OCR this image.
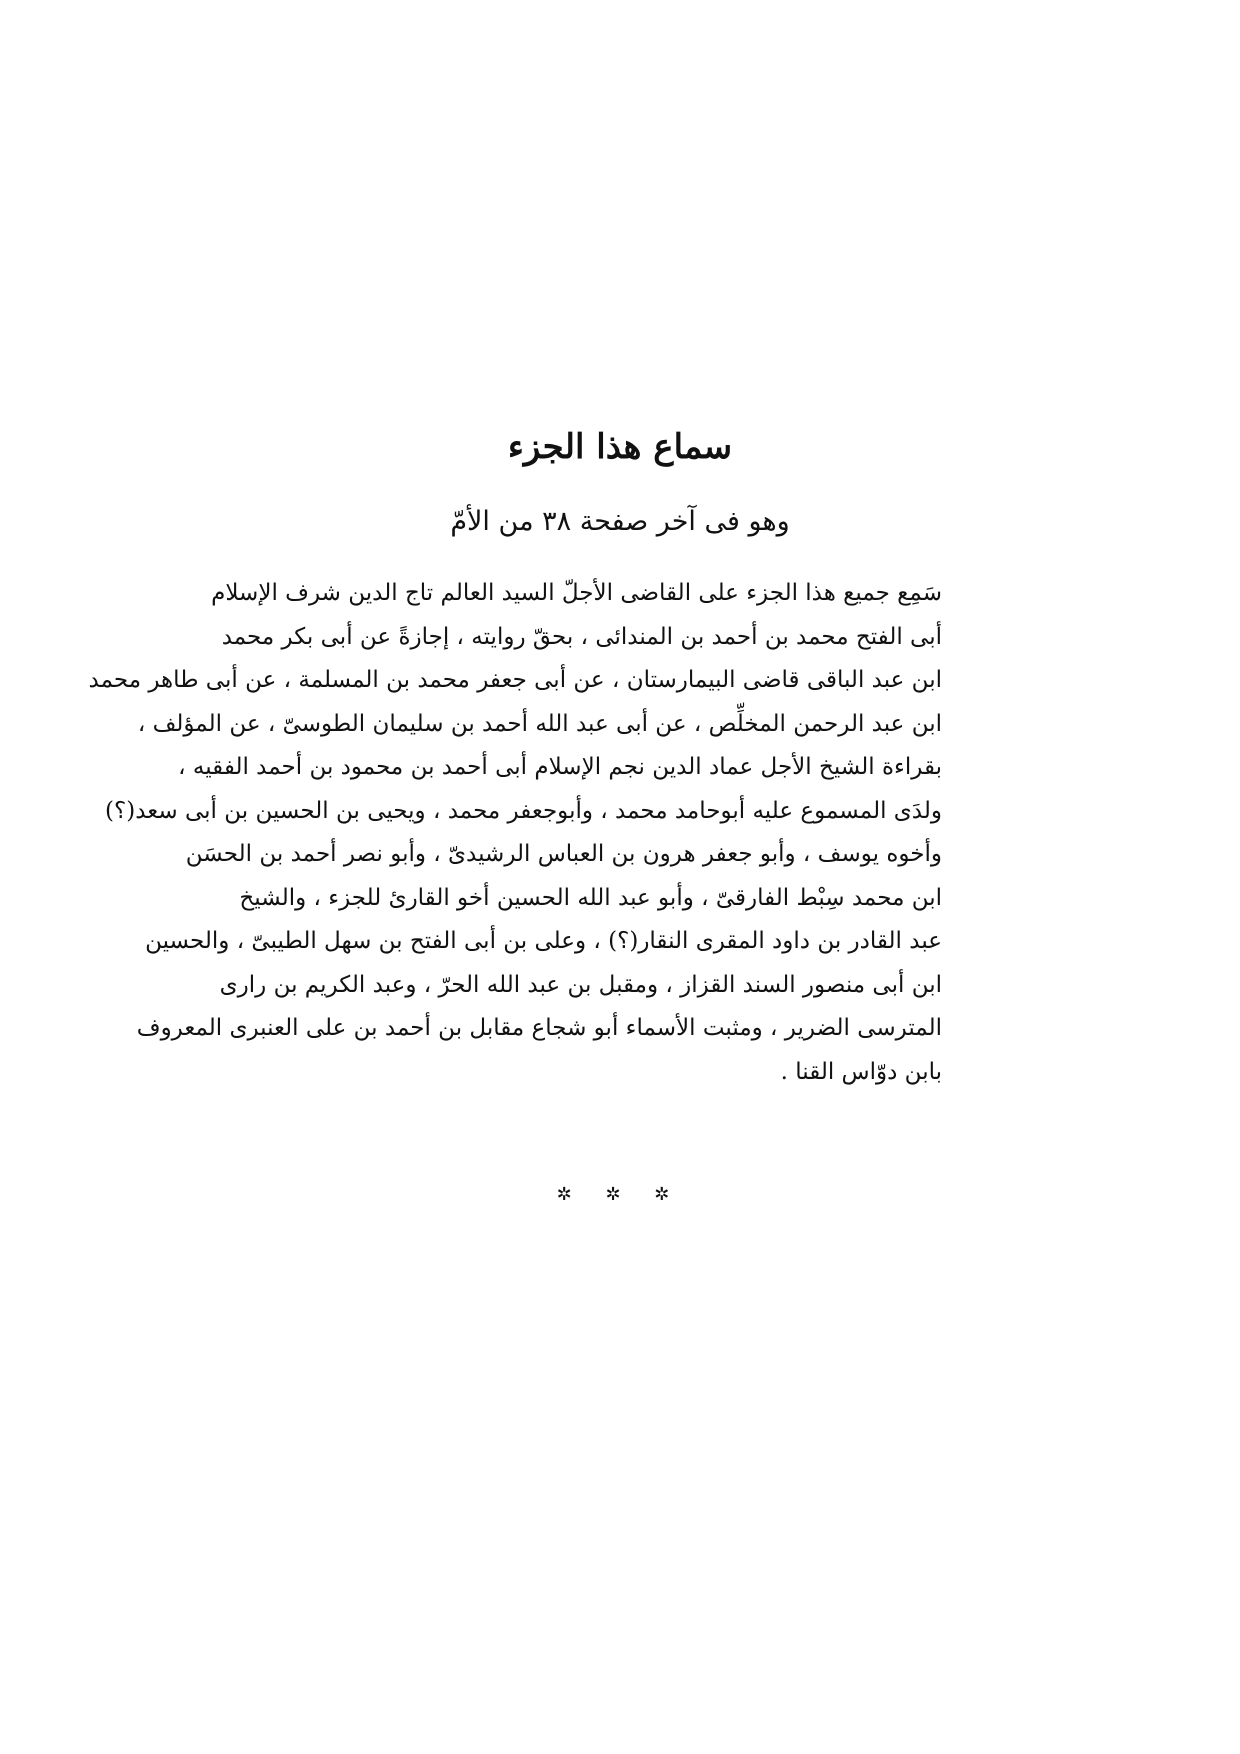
سماع هذا الجزء
وهو فى آخر صفحة ٣٨ من الأمّ
سَمِع جميع هذا الجزء على القاضى الأجلّ السيد العالم تاج الدين شرف الإسلام
أبى الفتح محمد بن أحمد بن المندائى ، بحقّ روايته ، إجازةً عن أبى بكر محمد
ابن عبد الباقى قاضى البيمارستان ، عن أبى جعفر محمد بن المسلمة ، عن أبى طاهر محمد
ابن عبد الرحمن المخلِّص ، عن أبى عبد الله أحمد بن سليمان الطوسىّ ، عن المؤلف ،
بقراءة الشيخ الأجل عماد الدين نجم الإسلام أبى أحمد بن محمود بن أحمد الفقيه ،
ولدَى المسموع عليه أبوحامد محمد ، وأبوجعفر محمد ، ويحيى بن الحسين بن أبى سعد(؟)
وأخوه يوسف ، وأبو جعفر هرون بن العباس الرشيدىّ ، وأبو نصر أحمد بن الحسَن
ابن محمد سِبْط الفارقىّ ، وأبو عبد الله الحسين أخو القارئ للجزء ، والشيخ
عبد القادر بن داود المقرى النقار(؟) ، وعلى بن أبى الفتح بن سهل الطيبىّ ، والحسين
ابن أبى منصور السند القزاز ، ومقبل بن عبد الله الحرّ ، وعبد الكريم بن رارى
المترسى الضرير ، ومثبت الأسماء أبو شجاع مقابل بن أحمد بن على العنبرى المعروف
بابن دوّاس القنا .
✲ ✲ ✲
